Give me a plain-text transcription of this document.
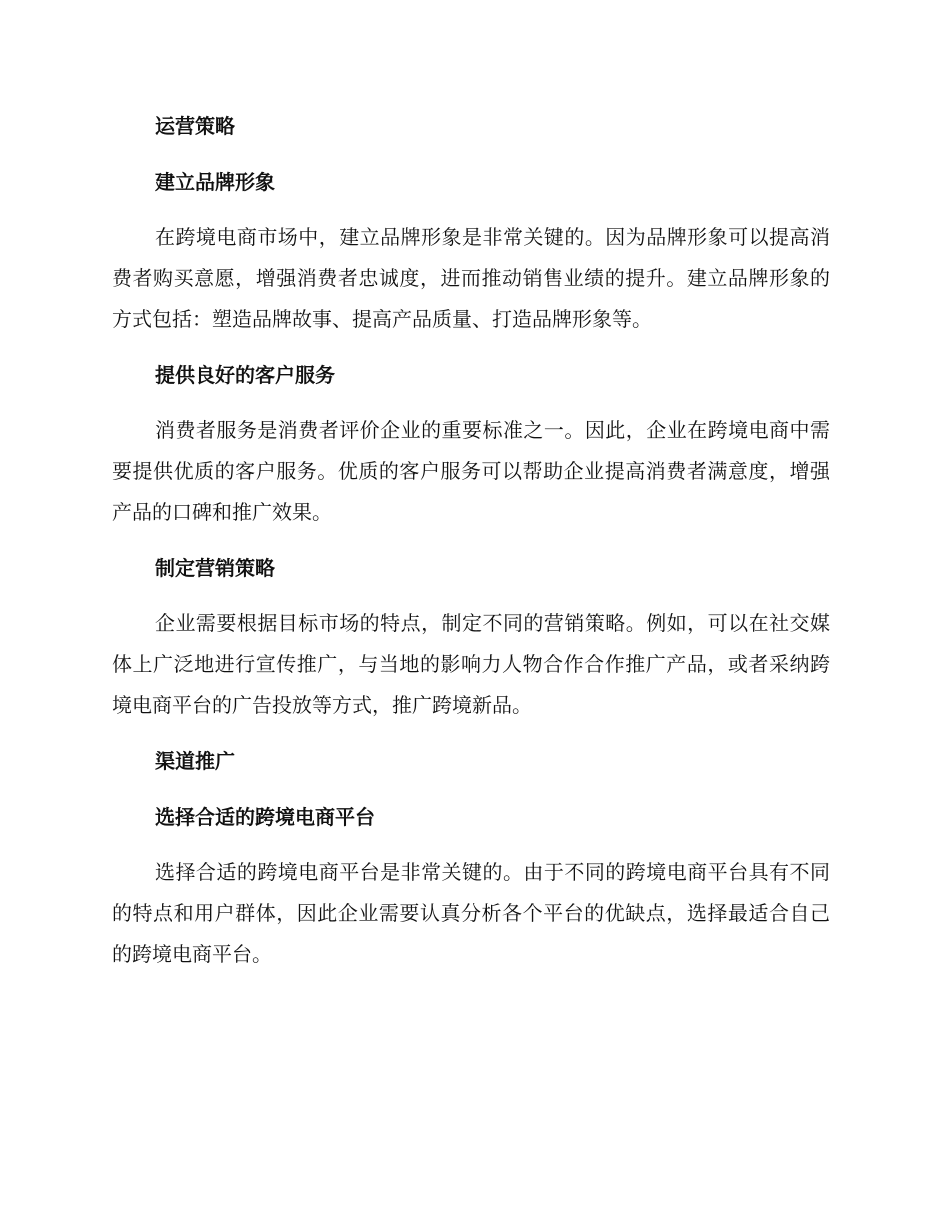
运营策略
建立品牌形象

在跨境电商市场中，建立品牌形象是非常关键的。因为品牌形象可以提高消费者购买意愿，增强消费者忠诚度，进而推动销售业绩的提升。建立品牌形象的方式包括：塑造品牌故事、提高产品质量、打造品牌形象等。

提供良好的客户服务

消费者服务是消费者评价企业的重要标准之一。因此，企业在跨境电商中需要提供优质的客户服务。优质的客户服务可以帮助企业提高消费者满意度，增强产品的口碑和推广效果。

制定营销策略

企业需要根据目标市场的特点，制定不同的营销策略。例如，可以在社交媒体上广泛地进行宣传推广，与当地的影响力人物合作合作推广产品，或者采纳跨境电商平台的广告投放等方式，推广跨境新品。

渠道推广
选择合适的跨境电商平台

选择合适的跨境电商平台是非常关键的。由于不同的跨境电商平台具有不同的特点和用户群体，因此企业需要认真分析各个平台的优缺点，选择最适合自己的跨境电商平台。
